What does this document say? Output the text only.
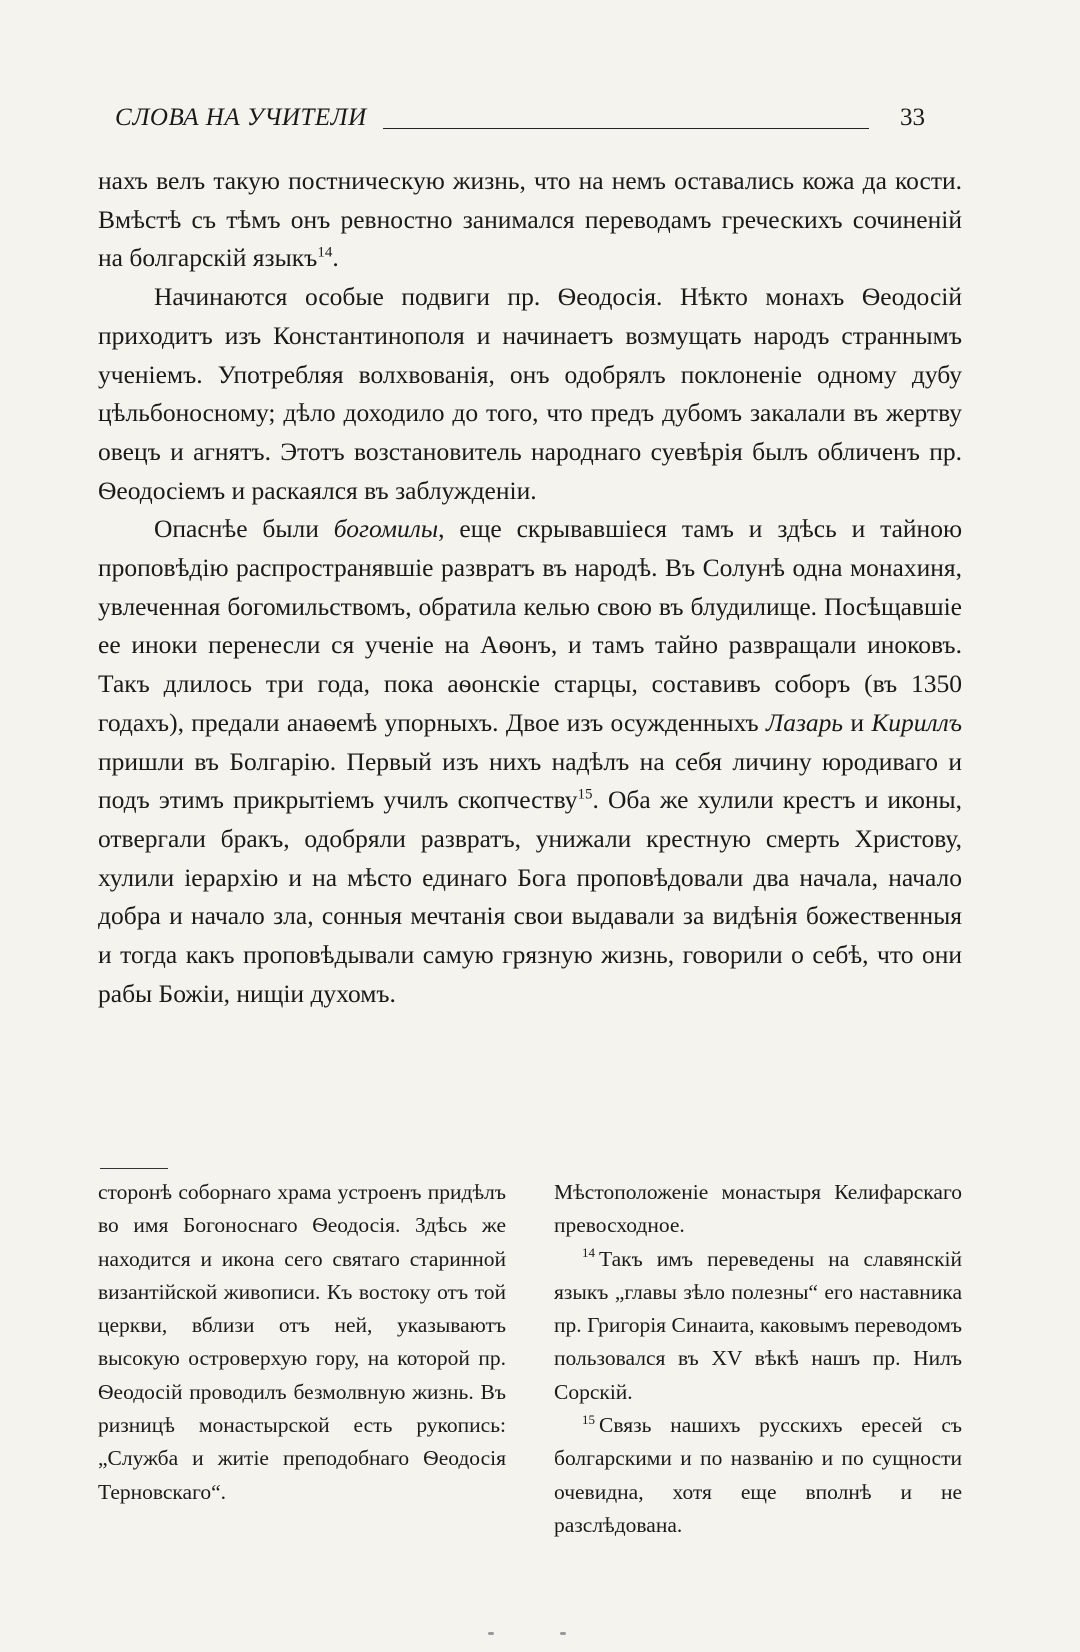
СЛОВА НА УЧИТЕЛИ	33

нахъ велъ такую постническую жизнь, что на немъ оставались кожа да кости. Вмѣстѣ съ тѣмъ онъ ревностно занимался переводамъ греческихъ сочиненій на болгарскій языкъ$^{14}$.

Начинаются особые подвиги пр. Ѳеодосія. Нѣкто монахъ Ѳеодосій приходитъ изъ Константинополя и начинаетъ возмущать народъ страннымъ ученіемъ. Употребляя волхвованія, онъ одобрялъ поклоненіе одному дубу цѣльбоносному; дѣло доходило до того, что предъ дубомъ закалали въ жертву овецъ и агнятъ. Этотъ возстановитель народнаго суевѣрія былъ обличенъ пр. Ѳеодосіемъ и раскаялся въ заблужденіи.

Опаснѣе были богомилы, еще скрывавшіеся тамъ и здѣсь и тайною проповѣдію распространявшіе развратъ въ народѣ. Въ Солунѣ одна монахиня, увлеченная богомильствомъ, обратила келью свою въ блудилище. Посѣщавшіе ее иноки перенесли ся ученіе на Аѳонъ, и тамъ тайно развращали иноковъ. Такъ длилось три года, пока аѳонскіе старцы, составивъ соборъ (въ 1350 годахъ), предали анаѳемѣ упорныхъ. Двое изъ осужденныхъ Лазарь и Кириллъ пришли въ Болгарію. Первый изъ нихъ надѣлъ на себя личину юродиваго и подъ этимъ прикрытіемъ училъ скопчеству$^{15}$. Оба же хулили крестъ и иконы, отвергали бракъ, одобряли развратъ, унижали крестную смерть Христову, хулили іерархію и на мѣсто единаго Бога проповѣдовали два начала, начало добра и начало зла, сонныя мечтанія свои выдавали за видѣнія божественныя и тогда какъ проповѣдывали самую грязную жизнь, говорили о себѣ, что они рабы Божіи, нищіи духомъ.

сторонѣ соборнаго храма устроенъ придѣлъ во имя Богоноснаго Ѳеодосія. Здѣсь же находится и икона сего святаго старинной византійской живописи. Къ востоку отъ той церкви, вблизи отъ ней, указываютъ высокую островерхую гору, на которой пр. Ѳеодосій проводилъ безмолвную жизнь. Въ ризницѣ монастырской есть рукопись: „Служба и житіе преподобнаго Ѳеодосія Терновскаго“.

Мѣстоположеніе монастыря Келифарскаго превосходное.

$^{14}$ Такъ имъ переведены на славянскій языкъ „главы зѣло полезны“ его наставника пр. Григорія Синаита, каковымъ переводомъ пользовался въ XV вѣкѣ нашъ пр. Нилъ Сорскій.

$^{15}$ Связь нашихъ русскихъ ересей съ болгарскими и по названію и по сущности очевидна, хотя еще вполнѣ и не разслѣдована.
